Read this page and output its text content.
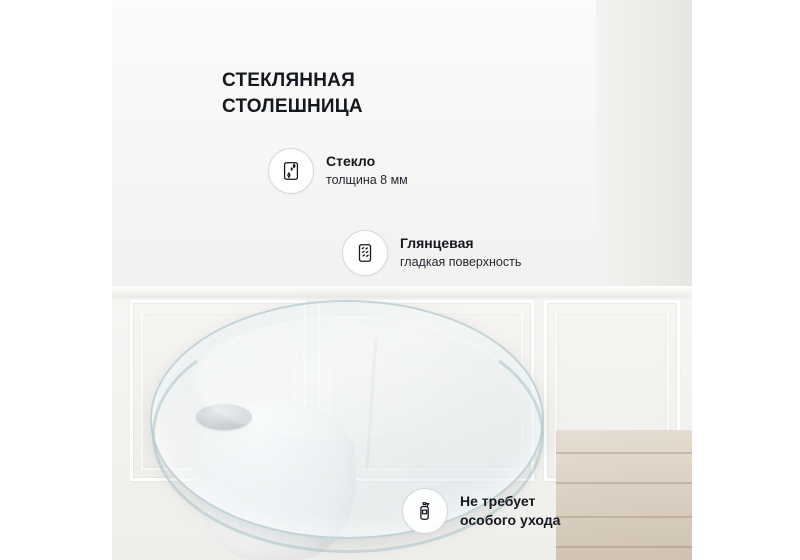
СТЕКЛЯННАЯ
СТОЛЕШНИЦА
Стекло
толщина 8 мм
Глянцевая
гладкая поверхность
Не требует
особого ухода
